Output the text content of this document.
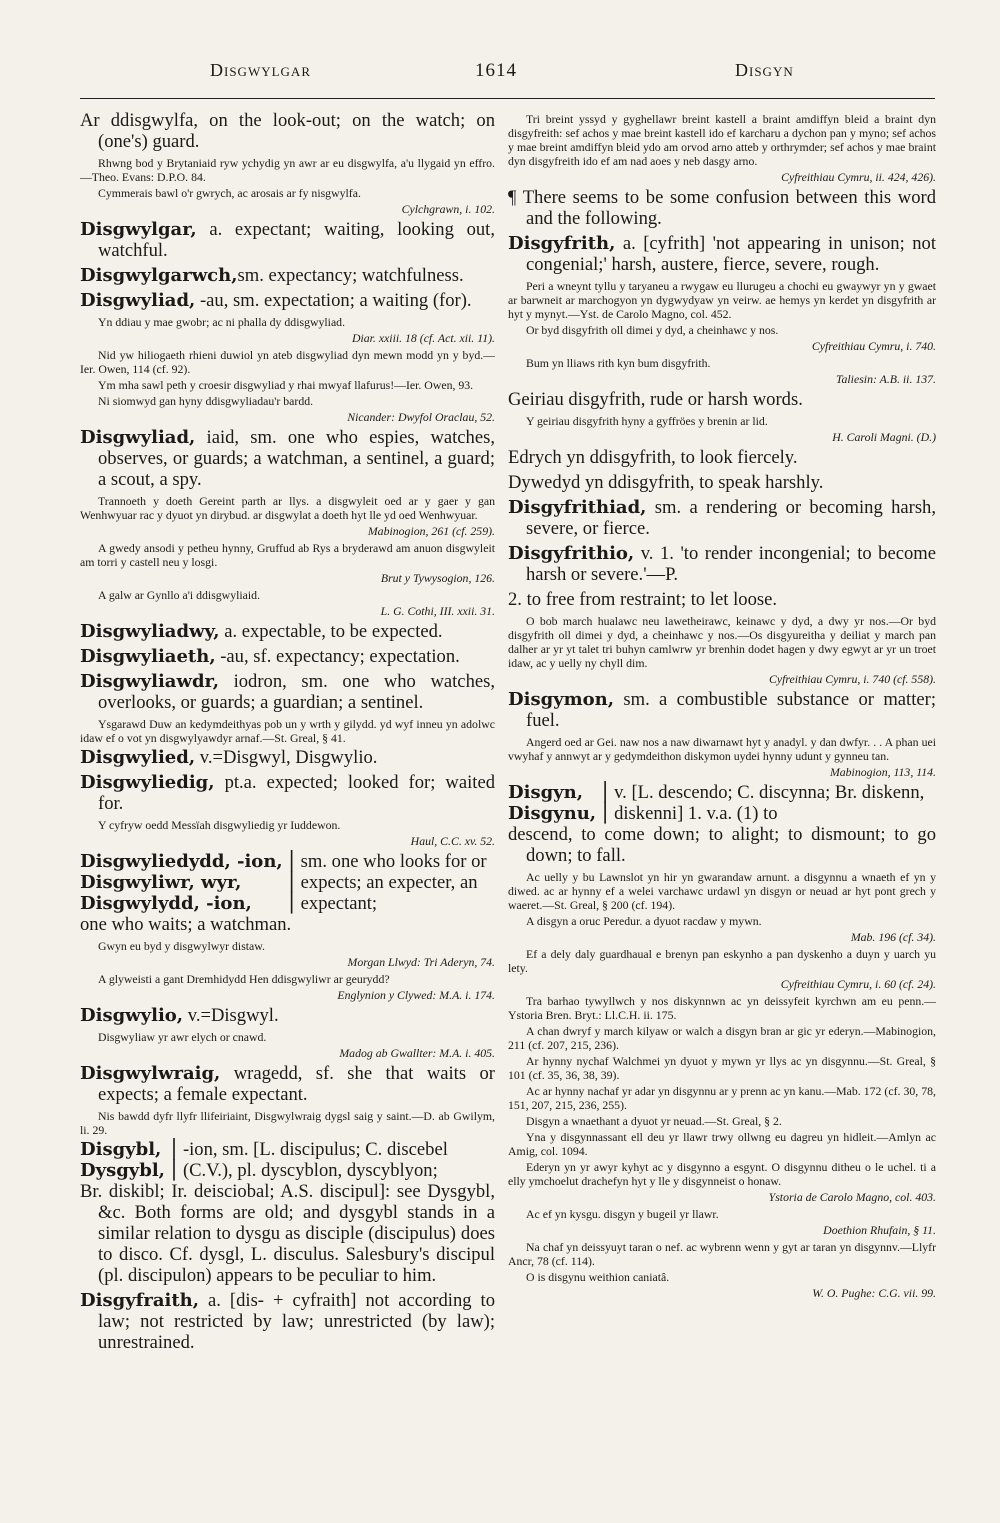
Disgwylgar	1614	Disgyn
Ar ddisgwylfa, on the look-out; on the watch; on (one's) guard.
Rhwng bod y Brytaniaid ryw ychydig yn awr ar eu disgwylfa, a'u llygaid yn effro.—Theo. Evans: D.P.O. 84.
Cymmerais bawl o'r gwrych, ac arosais ar fy nisgwylfa.
Cylchgrawn, i. 102.
Disgwylgar, a. expectant; waiting, looking out, watchful.
Disgwylgarwch,sm. expectancy; watchfulness.
Disgwyliad, -au, sm. expectation; a waiting (for).
Yn ddiau y mae gwobr; ac ni phalla dy ddisgwyliad.
Diar. xxiii. 18 (cf. Act. xii. 11).
Nid yw hiliogaeth rhieni duwiol yn ateb disgwyliad dyn mewn modd yn y byd.—Ier. Owen, 114 (cf. 92).
Ym mha sawl peth y croesir disgwyliad y rhai mwyaf llafurus!—Ier. Owen, 93.
Ni siomwyd gan hyny ddisgwyliadau'r bardd.
Nicander: Dwyfol Oraclau, 52.
Disgwyliad, iaid, sm. one who espies, watches, observes, or guards; a watchman, a sentinel, a guard; a scout, a spy.
Trannoeth y doeth Gereint parth ar llys. a disgwyleit oed ar y gaer y gan Wenhwyuar rac y dyuot yn dirybud. ar disgwylat a doeth hyt lle yd oed Wenhwyuar.
Mabinogion, 261 (cf. 259).
A gwedy ansodi y petheu hynny, Gruffud ab Rys a bryderawd am anuon disgwyleit am torri y castell neu y losgi.
Brut y Tywysogion, 126.
A galw ar Gynllo a'i ddisgwyliaid.
L. G. Cothi, III. xxii. 31.
Disgwyliadwy, a. expectable, to be expected.
Disgwyliaeth, -au, sf. expectancy; expectation.
Disgwyliawdr, iodron, sm. one who watches, overlooks, or guards; a guardian; a sentinel.
Ysgarawd Duw an kedymdeithyas pob un y wrth y gilydd. yd wyf inneu yn adolwc idaw ef o vot yn disgwylyawdyr arnaf.—St. Greal, § 41.
Disgwylied, v.=Disgwyl, Disgwylio.
Disgwyliedig, pt.a. expected; looked for; waited for.
Y cyfryw oedd Messïah disgwyliedig yr Iuddewon.
Haul, C.C. xv. 52.
Disgwyliedydd, -ion,
Disgwyliwr, wyr,
Disgwylydd, -ion,
⎪
⎪
⎪
sm. one who looks for or expects; an expecter, an expectant;
one who waits; a watchman.
Gwyn eu byd y disgwylwyr distaw.
Morgan Llwyd: Tri Aderyn, 74.
A glyweisti a gant Dremhidydd Hen ddisgwyliwr ar geurydd?
Englynion y Clywed: M.A. i. 174.
Disgwylio, v.=Disgwyl.
Disgwyliaw yr awr elych or cnawd.
Madog ab Gwallter: M.A. i. 405.
Disgwylwraig, wragedd, sf. she that waits or expects; a female expectant.
Nis bawdd dyfr llyfr llifeiriaint, Disgwylwraig dygsl saig y saint.—D. ab Gwilym, li. 29.
Disgybl,
Dysgybl,
⎪
⎪
-ion, sm. [L. discipulus; C. discebel (C.V.), pl. dyscyblon, dyscyblyon;
Br. diskibl; Ir. deisciobal; A.S. discipul]: see Dysgybl, &c. Both forms are old; and dysgybl stands in a similar relation to dysgu as disciple (discipulus) does to disco. Cf. dysgl, L. disculus. Salesbury's discipul (pl. discipulon) appears to be peculiar to him.
Disgyfraith, a. [dis- + cyfraith] not according to law; not restricted by law; unrestricted (by law); unrestrained.
Tri breint yssyd y gyghellawr breint kastell a braint amdiffyn bleid a braint dyn disgyfreith: sef achos y mae breint kastell ido ef karcharu a dychon pan y myno; sef achos y mae breint amdiffyn bleid ydo am orvod arno atteb y orthrymder; sef achos y mae braint dyn disgyfreith ido ef am nad aoes y neb dasgy arno.
Cyfreithiau Cymru, ii. 424, 426).
¶ There seems to be some confusion between this word and the following.
Disgyfrith, a. [cyfrith] 'not appearing in unison; not congenial;' harsh, austere, fierce, severe, rough.
Peri a wneynt tyllu y taryaneu a rwygaw eu llurugeu a chochi eu gwaywyr yn y gwaet ar barwneit ar marchogyon yn dygwydyaw yn veirw. ae hemys yn kerdet yn disgyfrith ar hyt y mynyt.—Yst. de Carolo Magno, col. 452.
Or byd disgyfrith oll dimei y dyd, a cheinhawc y nos.
Cyfreithiau Cymru, i. 740.
Bum yn lliaws rith kyn bum disgyfrith.
Taliesin: A.B. ii. 137.
Geiriau disgyfrith, rude or harsh words.
Y geiriau disgyfrith hyny a gyffröes y brenin ar lid.
H. Caroli Magni. (D.)
Edrych yn ddisgyfrith, to look fiercely.
Dywedyd yn ddisgyfrith, to speak harshly.
Disgyfrithiad, sm. a rendering or becoming harsh, severe, or fierce.
Disgyfrithio, v. 1. 'to render incongenial; to become harsh or severe.'—P.
2. to free from restraint; to let loose.
O bob march hualawc neu lawetheirawc, keinawc y dyd, a dwy yr nos.—Or byd disgyfrith oll dimei y dyd, a cheinhawc y nos.—Os disgyureitha y deiliat y march pan dalher ar yr yt talet tri buhyn camlwrw yr brenhin dodet hagen y dwy egwyt ar yr un troet idaw, ac y uelly ny chyll dim.
Cyfreithiau Cymru, i. 740 (cf. 558).
Disgymon, sm. a combustible substance or matter; fuel.
Angerd oed ar Gei. naw nos a naw diwarnawt hyt y anadyl. y dan dwfyr. . . A phan uei vwyhaf y annwyt ar y gedymdeithon diskymon uydei hynny udunt y gynneu tan.
Mabinogion, 113, 114.
Disgyn,
Disgynu,
⎪
⎪
v. [L. descendo; C. discynna; Br. diskenn, diskenni] 1. v.a. (1) to
descend, to come down; to alight; to dismount; to go down; to fall.
Ac uelly y bu Lawnslot yn hir yn gwarandaw arnunt. a disgynnu a wnaeth ef yn y diwed. ac ar hynny ef a welei varchawc urdawl yn disgyn or neuad ar hyt pont grech y waeret.—St. Greal, § 200 (cf. 194).
A disgyn a oruc Peredur. a dyuot racdaw y mywn.
Mab. 196 (cf. 34).
Ef a dely daly guardhaual e brenyn pan eskynho a pan dyskenho a duyn y uarch yu lety.
Cyfreithiau Cymru, i. 60 (cf. 24).
Tra barhao tywyllwch y nos diskynnwn ac yn deissyfeit kyrchwn am eu penn.—Ystoria Bren. Bryt.: Ll.C.H. ii. 175.
A chan dwryf y march kilyaw or walch a disgyn bran ar gic yr ederyn.—Mabinogion, 211 (cf. 207, 215, 236).
Ar hynny nychaf Walchmei yn dyuot y mywn yr llys ac yn disgynnu.—St. Greal, § 101 (cf. 35, 36, 38, 39).
Ac ar hynny nachaf yr adar yn disgynnu ar y prenn ac yn kanu.—Mab. 172 (cf. 30, 78, 151, 207, 215, 236, 255).
Disgyn a wnaethant a dyuot yr neuad.—St. Greal, § 2.
Yna y disgynnassant ell deu yr llawr trwy ollwng eu dagreu yn hidleit.—Amlyn ac Amig, col. 1094.
Ederyn yn yr awyr kyhyt ac y disgynno a esgynt. O disgynnu ditheu o le uchel. ti a elly ymchoelut drachefyn hyt y lle y disgynneist o honaw.
Ystoria de Carolo Magno, col. 403.
Ac ef yn kysgu. disgyn y bugeil yr llawr.
Doethion Rhufain, § 11.
Na chaf yn deissyuyt taran o nef. ac wybrenn wenn y gyt ar taran yn disgynnv.—Llyfr Ancr, 78 (cf. 114).
O is disgynu weithion caniatâ.
W. O. Pughe: C.G. vii. 99.
